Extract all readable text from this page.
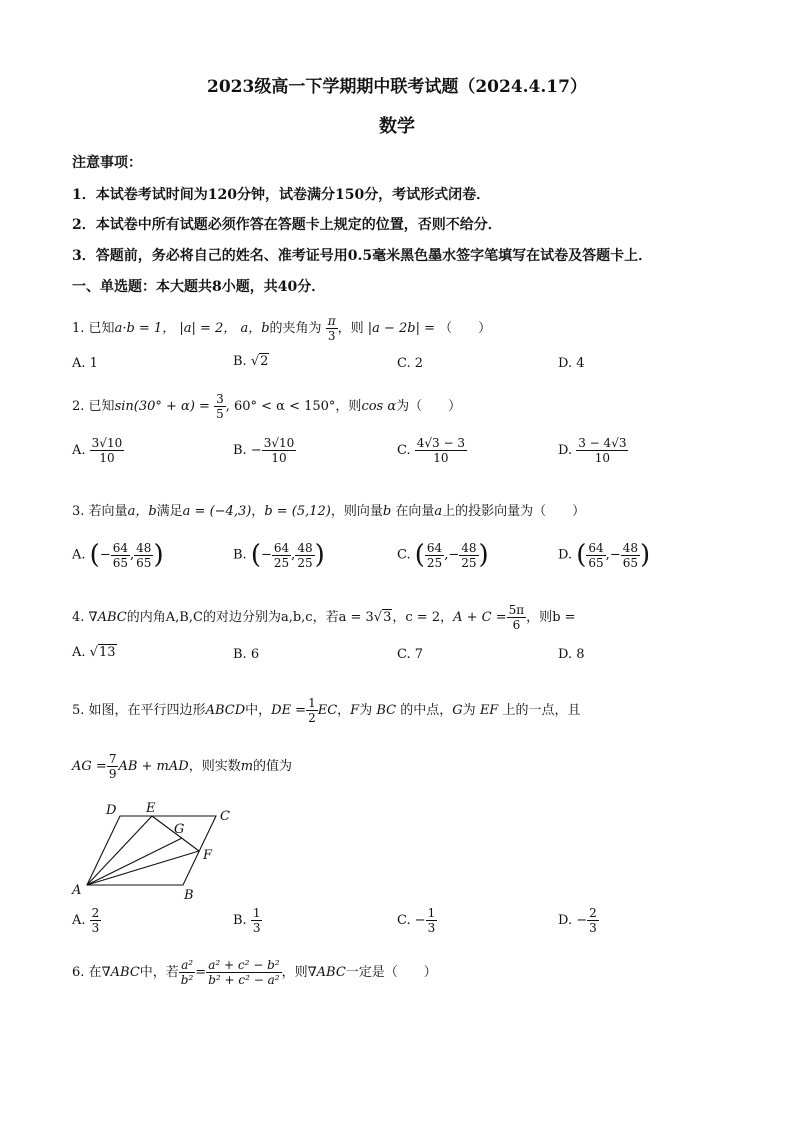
2023级高一下学期期中联考试题（2024.4.17）
数学
注意事项：
1．本试卷考试时间为120分钟，试卷满分150分，考试形式闭卷．
2．本试卷中所有试题必须作答在答题卡上规定的位置，否则不给分．
3．答题前，务必将自己的姓名、准考证号用0.5毫米黑色墨水签字笔填写在试卷及答题卡上．
一、单选题：本大题共8小题，共40分．
1. 已知a·b = 1， |a| = 2， a，b的夹角为 $\frac{\pi}{3}$ ，则 |a − 2b| = （　　）
A. 1	B. √2	C. 2	D. 4
2. 已知$\sin(30^\circ + \alpha) = \frac{3}{5}$ , 60° < α < 150°，则cos α为（　　）
A. $\frac{3√10}{10}$	B. − $\frac{3√10}{10}$	C. $\frac{4√3 - 3}{10}$	D. $\frac{3 - 4√3}{10}$
3. 若向量a，b满足a = (−4,3)，b = (5,12)，则向量b 在向量a上的投影向量为（　　）
A. (− $\frac{64}{65}$ , $\frac{48}{65}$ )	B. (− $\frac{64}{25}$ , $\frac{48}{25}$ )	C. ( $\frac{64}{25}$ ,− $\frac{48}{25}$ )	D. ( $\frac{64}{65}$ ,− $\frac{48}{65}$ )
4. ∇ABC的内角A,B,C的对边分别为a,b,c，若a = 3√3，c = 2，$A + C = \frac{5\pi}{6}$ ，则b =
A. √13	B. 6	C. 7	D. 8
5. 如图，在平行四边形ABCD中，DE = $\frac{1}{2}$ EC，F为 BC 的中点，G为 EF 上的一点，且
AG = $\frac{7}{9}$ AB + mAD，则实数m的值为
D E
C
G
F
A	B
A. $\frac{2}{3}$	B. $\frac{1}{3}$	C. − $\frac{1}{3}$	D. − $\frac{2}{3}$
6. 在∇ABC中，若 $\frac{\text{a²}}{\text{b²}} = \frac{\text{a² + c² − b²}}{\text{b² + c² − a²}}$ ，则∇ABC一定是（　　）
